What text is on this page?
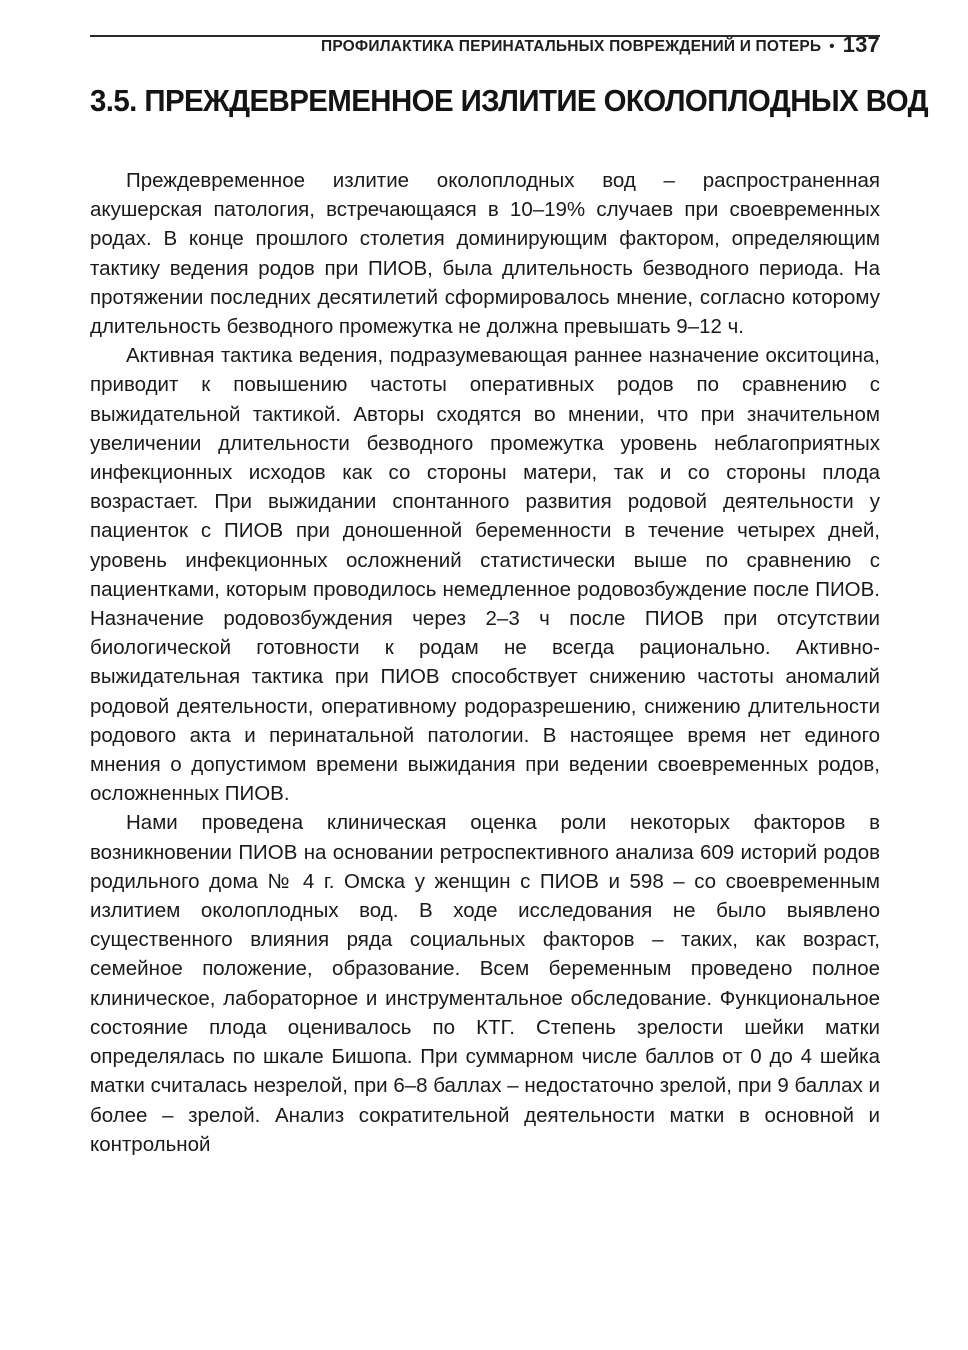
ПРОФИЛАКТИКА ПЕРИНАТАЛЬНЫХ ПОВРЕЖДЕНИЙ И ПОТЕРЬ • 137
3.5. ПРЕЖДЕВРЕМЕННОЕ ИЗЛИТИЕ ОКОЛОПЛОДНЫХ ВОД

Преждевременное излитие околоплодных вод – распространенная акушерская патология, встречающаяся в 10–19% случаев при своевременных родах. В конце прошлого столетия доминирующим фактором, определяющим тактику ведения родов при ПИОВ, была длительность безводного периода. На протяжении последних десятилетий сформировалось мнение, согласно которому длительность безводного промежутка не должна превышать 9–12 ч.

Активная тактика ведения, подразумевающая раннее назначение окситоцина, приводит к повышению частоты оперативных родов по сравнению с выжидательной тактикой. Авторы сходятся во мнении, что при значительном увеличении длительности безводного промежутка уровень неблагоприятных инфекционных исходов как со стороны матери, так и со стороны плода возрастает. При выжидании спонтанного развития родовой деятельности у пациенток с ПИОВ при доношенной беременности в течение четырех дней, уровень инфекционных осложнений статистически выше по сравнению с пациентками, которым проводилось немедленное родовозбуждение после ПИОВ. Назначение родовозбуждения через 2–3 ч после ПИОВ при отсутствии биологической готовности к родам не всегда рационально. Активно-выжидательная тактика при ПИОВ способствует снижению частоты аномалий родовой деятельности, оперативному родоразрешению, снижению длительности родового акта и перинатальной патологии. В настоящее время нет единого мнения о допустимом времени выжидания при ведении своевременных родов, осложненных ПИОВ.

Нами проведена клиническая оценка роли некоторых факторов в возникновении ПИОВ на основании ретроспективного анализа 609 историй родов родильного дома № 4 г. Омска у женщин с ПИОВ и 598 – со своевременным излитием околоплодных вод. В ходе исследования не было выявлено существенного влияния ряда социальных факторов – таких, как возраст, семейное положение, образование. Всем беременным проведено полное клиническое, лабораторное и инструментальное обследование. Функциональное состояние плода оценивалось по КТГ. Степень зрелости шейки матки определялась по шкале Бишопа. При суммарном числе баллов от 0 до 4 шейка матки считалась незрелой, при 6–8 баллах – недостаточно зрелой, при 9 баллах и более – зрелой. Анализ сократительной деятельности матки в основной и контрольной
